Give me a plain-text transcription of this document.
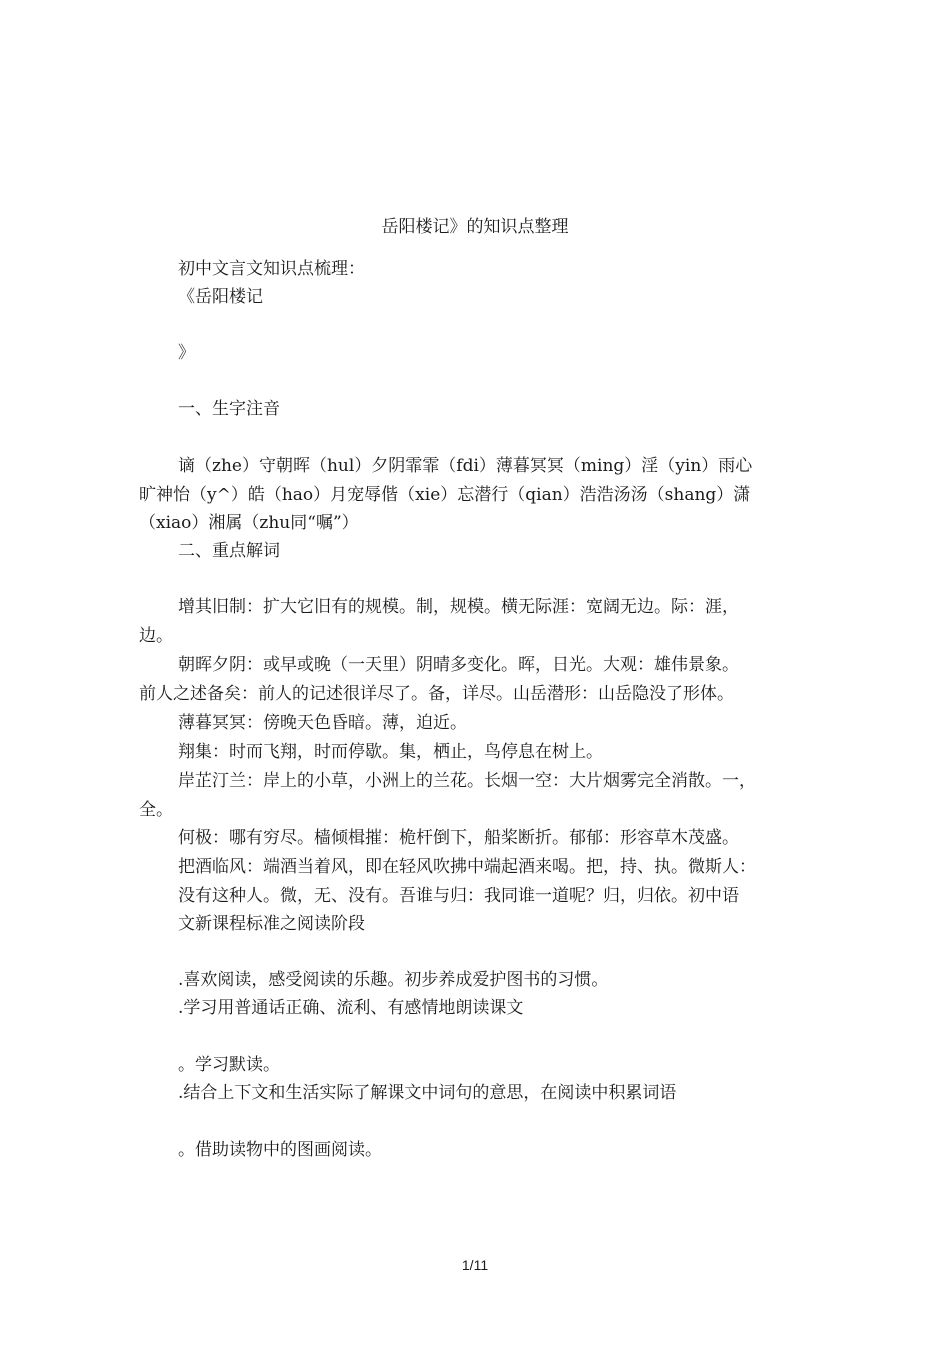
岳阳楼记》的知识点整理
初中文言文知识点梳理：
《岳阳楼记
》
一、生字注音
谪（zhe）守朝晖（hul）夕阴霏霏（fdi）薄暮冥冥（ming）淫（yin）雨心
旷神怡（y^）皓（hao）月宠辱偕（xie）忘潜行（qian）浩浩汤汤（shang）潇
（xiao）湘属（zhu同“嘱”）
二、重点解词
增其旧制：扩大它旧有的规模。制，规模。横无际涯：宽阔无边。际：涯，
边。
朝晖夕阴：或早或晚（一天里）阴晴多变化。晖，日光。大观：雄伟景象。
前人之述备矣：前人的记述很详尽了。备，详尽。山岳潜形：山岳隐没了形体。
薄暮冥冥：傍晚天色昏暗。薄，迫近。
翔集：时而飞翔，时而停歇。集，栖止，鸟停息在树上。
岸芷汀兰：岸上的小草，小洲上的兰花。长烟一空：大片烟雾完全消散。一，
全。
何极：哪有穷尽。樯倾楫摧：桅杆倒下，船桨断折。郁郁：形容草木茂盛。
把酒临风：端酒当着风，即在轻风吹拂中端起酒来喝。把，持、执。微斯人：
没有这种人。微，无、没有。吾谁与归：我同谁一道呢？归，归依。初中语
文新课程标准之阅读阶段
.喜欢阅读，感受阅读的乐趣。初步养成爱护图书的习惯。
.学习用普通话正确、流利、有感情地朗读课文
。学习默读。
.结合上下文和生活实际了解课文中词句的意思，在阅读中积累词语
。借助读物中的图画阅读。
1/11
